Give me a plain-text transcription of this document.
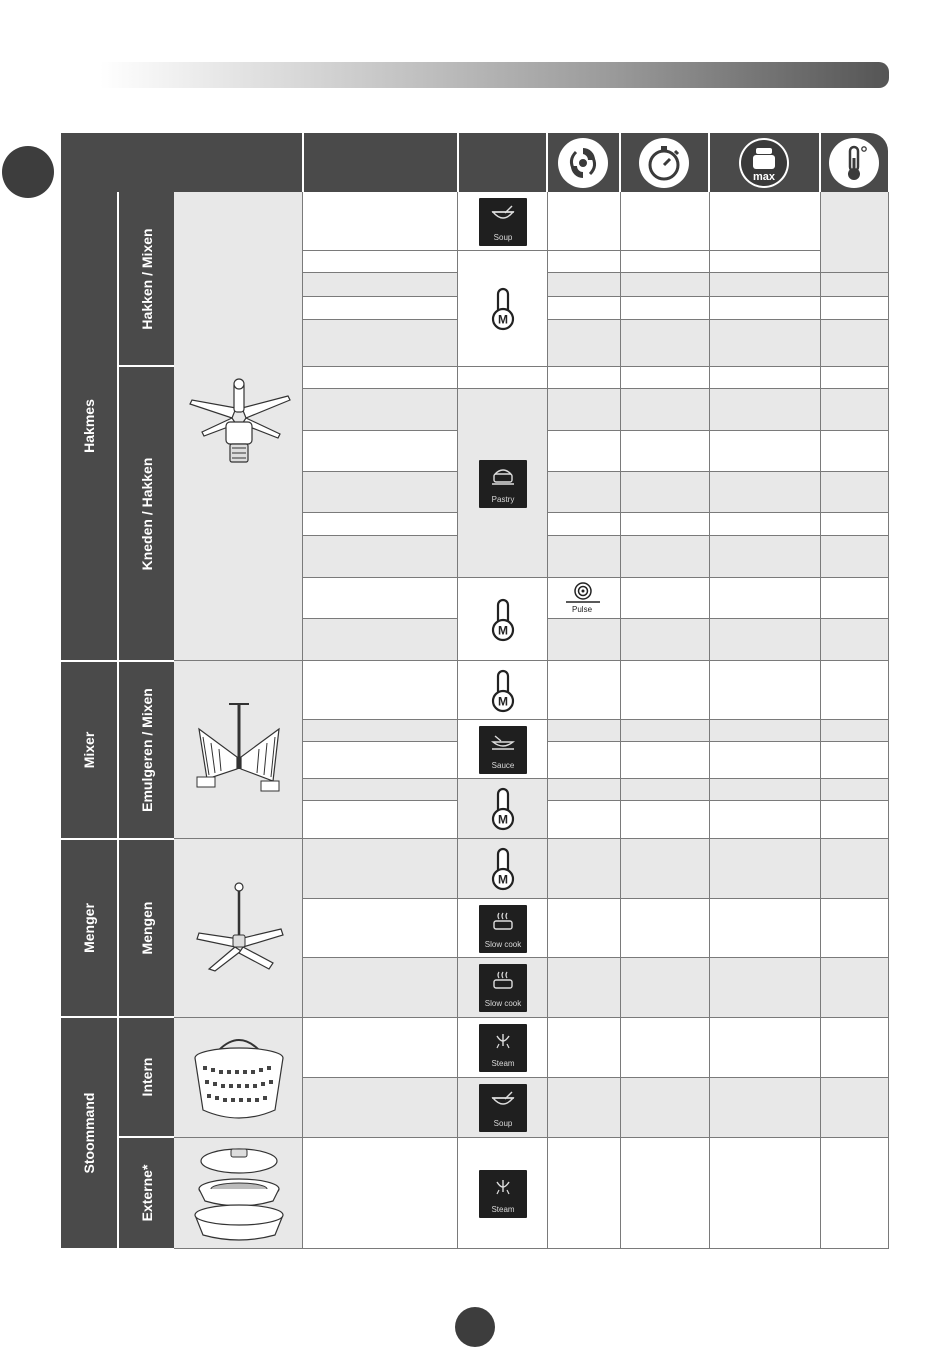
max
Hakmes
Mixer
Menger
Stoommand
Hakken / Mixen
Kneden / Hakken
Emulgeren / Mixen
Mengen
Intern
Externe*
Soup
M
Pastry
M
M
Sauce
M
M
Slow cook
Slow cook
Steam
Soup
Steam
Pulse
